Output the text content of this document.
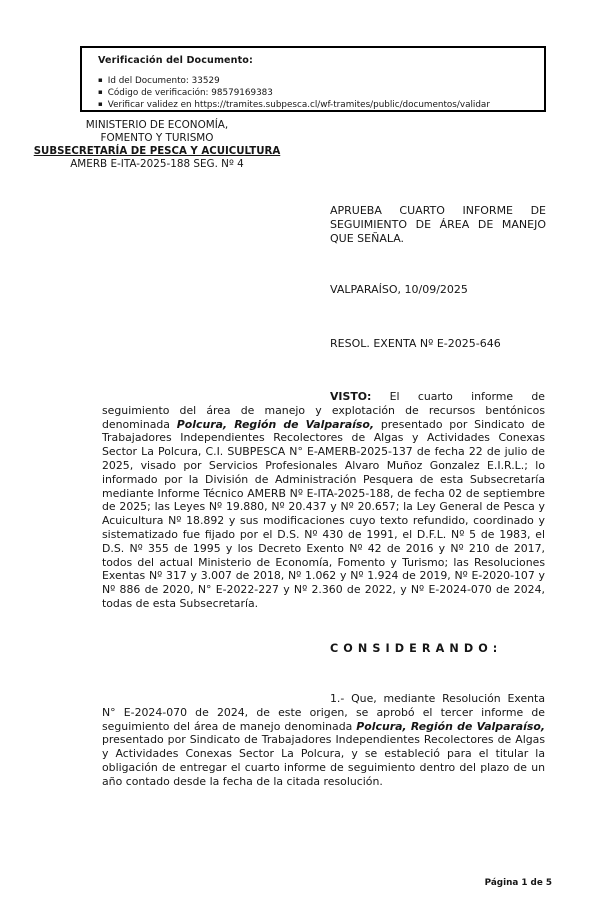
Verificación del Documento:
▪ Id del Documento: 33529
▪ Código de verificación: 98579169383
▪ Verificar validez en https://tramites.subpesca.cl/wf-tramites/public/documentos/validar
MINISTERIO DE ECONOMÍA,
FOMENTO Y TURISMO
SUBSECRETARÍA DE PESCA Y ACUICULTURA
AMERB E-ITA-2025-188 SEG. Nº 4
APRUEBA CUARTO INFORME DE SEGUIMIENTO DE ÁREA DE MANEJO QUE SEÑALA.
VALPARAÍSO, 10/09/2025
RESOL. EXENTA Nº E-2025-646

VISTO: El cuarto informe de seguimiento del área de manejo y explotación de recursos bentónicos denominada Polcura, Región de Valparaíso, presentado por Sindicato de Trabajadores Independientes Recolectores de Algas y Actividades Conexas Sector La Polcura, C.I. SUBPESCA N° E-AMERB-2025-137 de fecha 22 de julio de 2025, visado por Servicios Profesionales Alvaro Muñoz Gonzalez E.I.R.L.; lo informado por la División de Administración Pesquera de esta Subsecretaría mediante Informe Técnico AMERB Nº E-ITA-2025-188, de fecha 02 de septiembre de 2025; las Leyes Nº 19.880, Nº 20.437 y Nº 20.657; la Ley General de Pesca y Acuicultura Nº 18.892 y sus modificaciones cuyo texto refundido, coordinado y sistematizado fue fijado por el D.S. Nº 430 de 1991, el D.F.L. Nº 5 de 1983, el D.S. Nº 355 de 1995 y los Decreto Exento Nº 42 de 2016 y Nº 210 de 2017, todos del actual Ministerio de Economía, Fomento y Turismo; las Resoluciones Exentas Nº 317 y 3.007 de 2018, Nº 1.062 y Nº 1.924 de 2019, Nº E-2020-107 y Nº 886 de 2020, N° E-2022-227 y Nº 2.360 de 2022, y Nº E-2024-070 de 2024, todas de esta Subsecretaría.

C O N S I D E R A N D O :

1.- Que, mediante Resolución Exenta N° E-2024-070 de 2024, de este origen, se aprobó el tercer informe de seguimiento del área de manejo denominada Polcura, Región de Valparaíso, presentado por Sindicato de Trabajadores Independientes Recolectores de Algas y Actividades Conexas Sector La Polcura, y se estableció para el titular la obligación de entregar el cuarto informe de seguimiento dentro del plazo de un año contado desde la fecha de la citada resolución.

Página 1 de 5
